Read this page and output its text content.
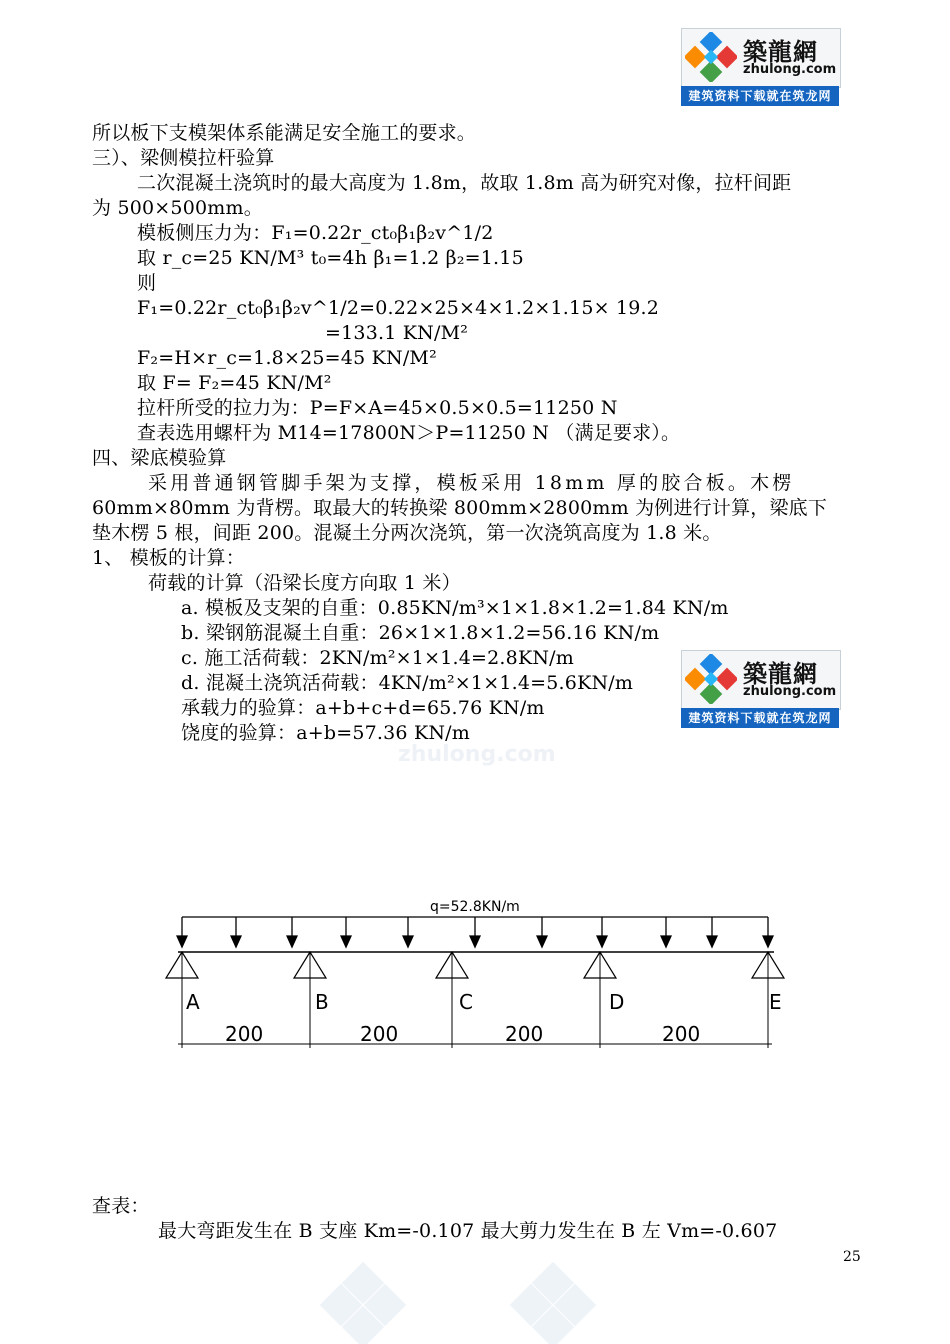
築龍網
zhulong.com
建筑资料下载就在筑龙网
築龍網
zhulong.com
建筑资料下载就在筑龙网
所以板下支模架体系能满足安全施工的要求。
三）、梁侧模拉杆验算
二次混凝土浇筑时的最大高度为 1.8m，故取 1.8m 高为研究对像，拉杆间距
为 500×500mm。
模板侧压力为：F₁=0.22r_ct₀β₁β₂v^1/2
取 r_c=25 KN/M³ t₀=4h β₁=1.2 β₂=1.15
则
F₁=0.22r_ct₀β₁β₂v^1/2=0.22×25×4×1.2×1.15× 19.2
=133.1 KN/M²
F₂=H×r_c=1.8×25=45 KN/M²
取 F= F₂=45 KN/M²
拉杆所受的拉力为：P=F×A=45×0.5×0.5=11250 N
查表选用螺杆为 M14=17800N＞P=11250 N （满足要求）。
四、梁底模验算
采用普通钢管脚手架为支撑，模板采用 18mm 厚的胶合板。木楞
60mm×80mm 为背楞。取最大的转换梁 800mm×2800mm 为例进行计算，梁底下
垫木楞 5 根，间距 200。混凝土分两次浇筑，第一次浇筑高度为 1.8 米。
1、 模板的计算：
荷载的计算（沿梁长度方向取 1 米）
a. 模板及支架的自重：0.85KN/m³×1×1.8×1.2=1.84 KN/m
b. 梁钢筋混凝土自重：26×1×1.8×1.2=56.16 KN/m
c. 施工活荷载：2KN/m²×1×1.4=2.8KN/m
d. 混凝土浇筑活荷载：4KN/m²×1×1.4=5.6KN/m
承载力的验算：a+b+c+d=65.76 KN/m
饶度的验算：a+b=57.36 KN/m
zhulong.com
q=52.8KN/m
A	B	C	D	E
200	200	200	200
查表：
最大弯距发生在 B 支座 Km=-0.107 最大剪力发生在 B 左 Vm=-0.607
25
